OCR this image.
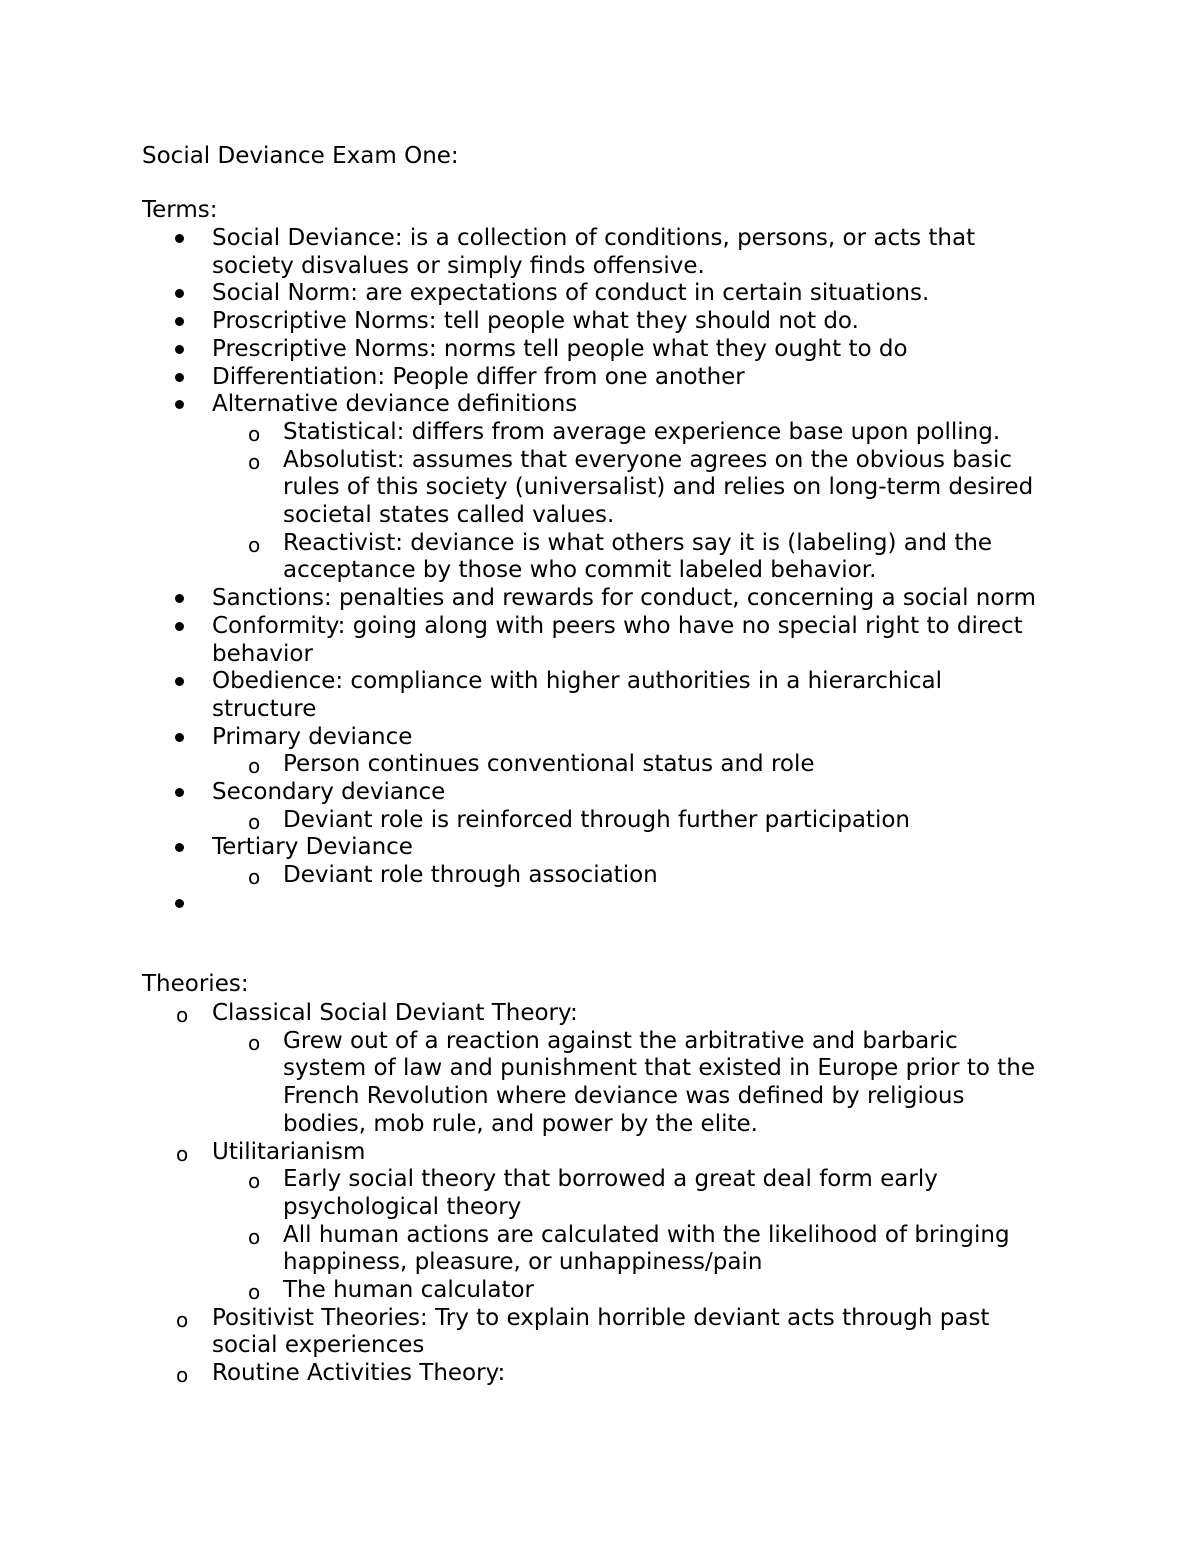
Social Deviance Exam One:
Terms:
Social Deviance: is a collection of conditions, persons, or acts that
society disvalues or simply finds offensive.
Social Norm: are expectations of conduct in certain situations.
Proscriptive Norms: tell people what they should not do.
Prescriptive Norms: norms tell people what they ought to do
Differentiation: People differ from one another
Alternative deviance definitions
o Statistical: differs from average experience base upon polling.
o Absolutist: assumes that everyone agrees on the obvious basic
rules of this society (universalist) and relies on long-term desired
societal states called values.
o Reactivist: deviance is what others say it is (labeling) and the
acceptance by those who commit labeled behavior.
Sanctions: penalties and rewards for conduct, concerning a social norm
Conformity: going along with peers who have no special right to direct
behavior
Obedience: compliance with higher authorities in a hierarchical
structure
Primary deviance
o Person continues conventional status and role
Secondary deviance
o Deviant role is reinforced through further participation
Tertiary Deviance
o Deviant role through association
Theories:
o Classical Social Deviant Theory:
o Grew out of a reaction against the arbitrative and barbaric
system of law and punishment that existed in Europe prior to the
French Revolution where deviance was defined by religious
bodies, mob rule, and power by the elite.
o Utilitarianism
o Early social theory that borrowed a great deal form early
psychological theory
o All human actions are calculated with the likelihood of bringing
happiness, pleasure, or unhappiness/pain
o The human calculator
o Positivist Theories: Try to explain horrible deviant acts through past
social experiences
o Routine Activities Theory:
